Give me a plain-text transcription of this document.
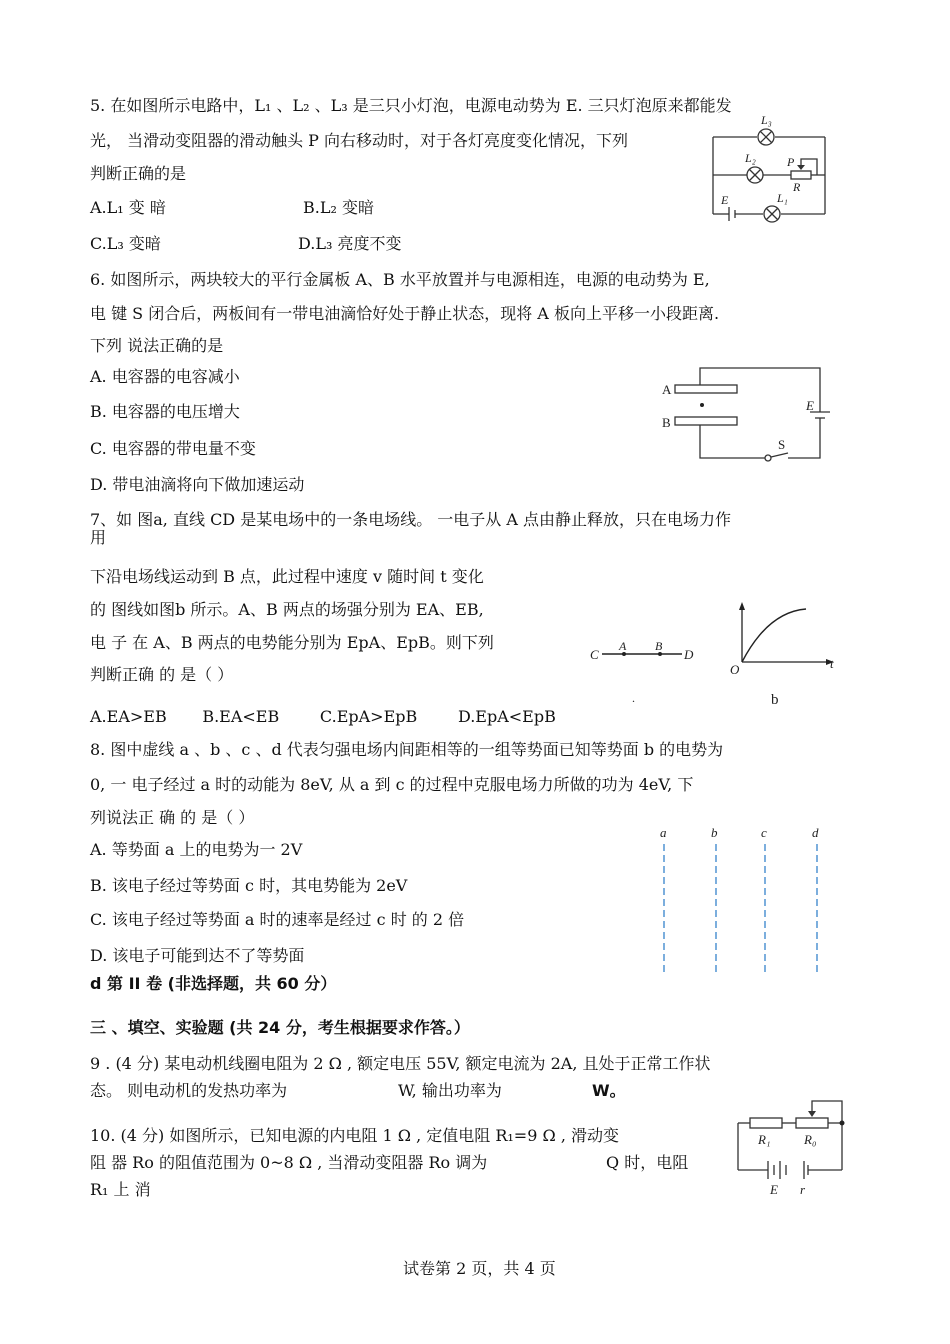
5. 在如图所示电路中，L₁ 、L₂ 、L₃ 是三只小灯泡，电源电动势为 E. 三只灯泡原来都能发
光， 当滑动变阻器的滑动触头 P 向右移动时，对于各灯亮度变化情况，下列
判断正确的是
A.L₁ 变 暗	B.L₂ 变暗
C.L₃ 变暗	D.L₃ 亮度不变
L₃
L₂	P
R
L₁
E
6. 如图所示，两块较大的平行金属板 A、B 水平放置并与电源相连，电源的电动势为 E,
电 键 S 闭合后，两板间有一带电油滴恰好处于静止状态，现将 A 板向上平移一小段距离.
下列 说法正确的是
A. 电容器的电容减小
B. 电容器的电压增大
C. 电容器的带电量不变
D. 带电油滴将向下做加速运动
A
B
E
S
7、如 图a, 直线 CD 是某电场中的一条电场线。 一电子从 A 点由静止释放，只在电场力作
用
下沿电场线运动到 B 点，此过程中速度 v 随时间 t 变化
的 图线如图b 所示。A、B 两点的场强分别为 EA、EB,
电 子 在 A、B 两点的电势能分别为 EpA、EpB。则下列
判断正确 的 是（ ）
A.EA>EB       B.EA<EB        C.EpA>EpB        D.EpA<EpB
C
A B
D
.
O	t
b
8. 图中虚线 a 、b 、c 、d 代表匀强电场内间距相等的一组等势面已知等势面 b 的电势为
0, 一 电子经过 a 时的动能为 8eV, 从 a 到 c 的过程中克服电场力所做的功为 4eV, 下
列说法正 确 的 是（ ）
A. 等势面 a 上的电势为一 2V
B. 该电子经过等势面 c 时，其电势能为 2eV
C. 该电子经过等势面 a 时的速率是经过 c 时 的 2 倍
D. 该电子可能到达不了等势面
a	b	c	d
d 第 II 卷 (非选择题，共 60 分）
三 、填空、实验题 (共 24 分，考生根据要求作答。）
9 . (4 分) 某电动机线圈电阻为 2 Ω , 额定电压 55V, 额定电流为 2A, 且处于正常工作状
态。 则电动机的发热功率为	W, 输出功率为	W。
10. (4 分) 如图所示，已知电源的内电阻 1 Ω , 定值电阻 R₁=9 Ω , 滑动变
阻 器 Ro 的阻值范围为 0~8 Ω , 当滑动变阻器 Ro 调为	Q 时，电阻
R₁ 上 消
R₁	R₀
E r
试卷第 2 页，共 4 页
